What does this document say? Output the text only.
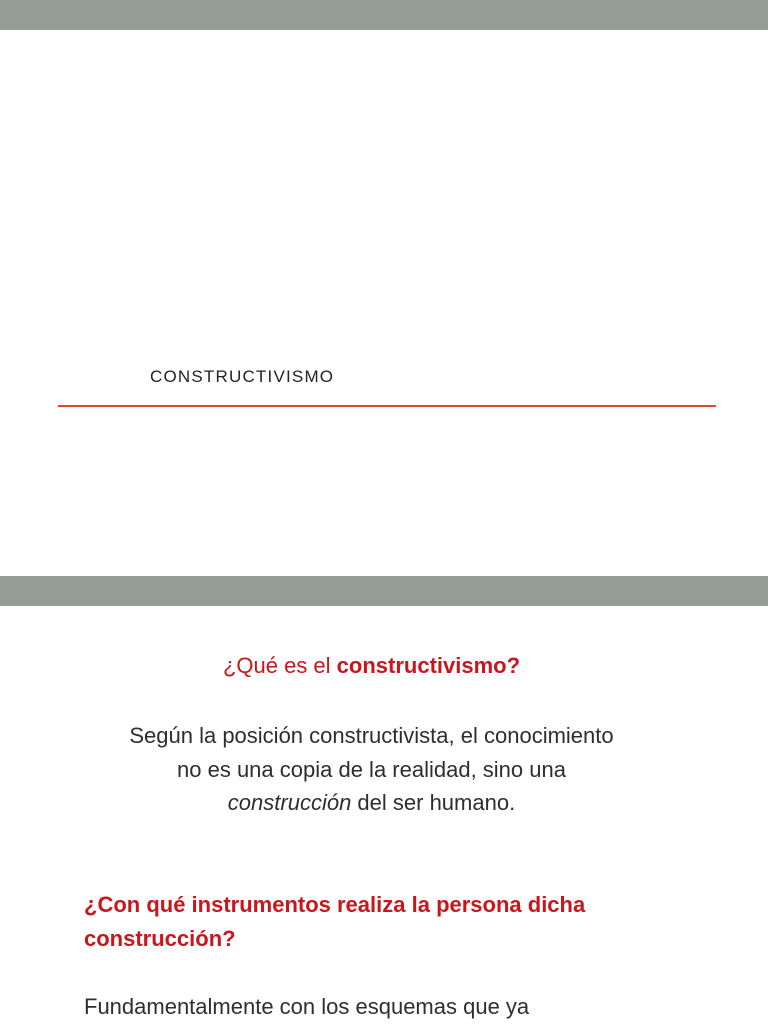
CONSTRUCTIVISMO
¿Qué es el constructivismo?
Según la posición constructivista, el conocimiento
no es una copia de la realidad, sino una
construcción del ser humano.
¿Con qué instrumentos realiza la persona dicha
construcción?
Fundamentalmente con los esquemas que ya
